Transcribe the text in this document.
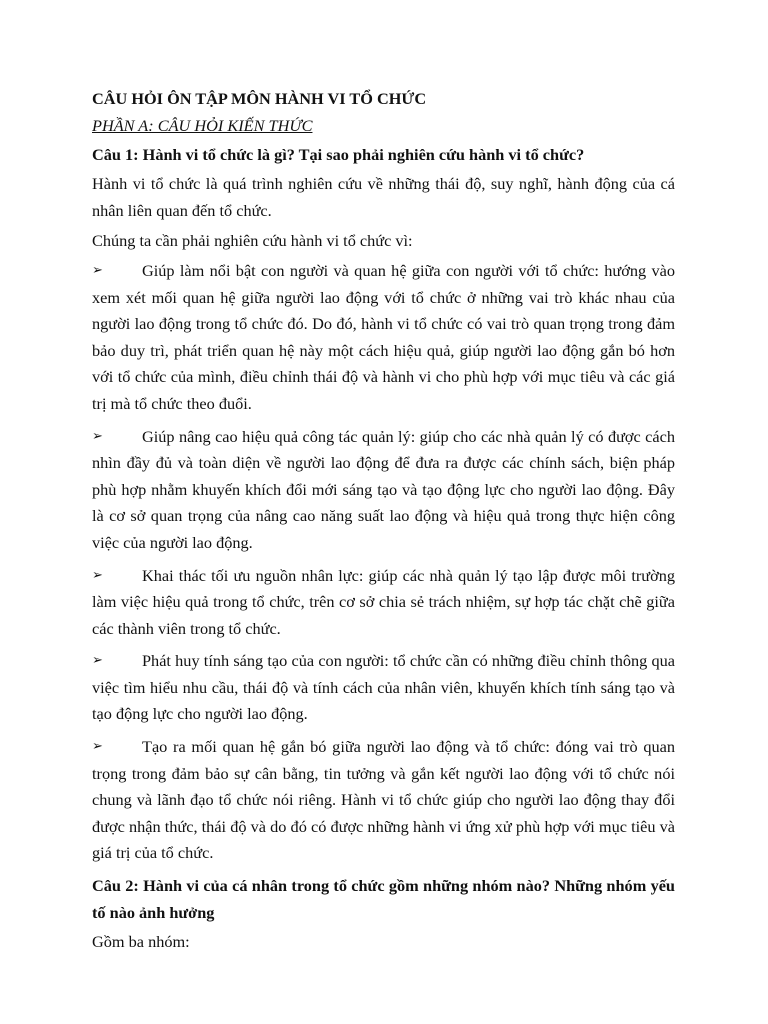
CÂU HỎI ÔN TẬP MÔN HÀNH VI TỔ CHỨC

PHẦN A: CÂU HỎI KIẾN THỨC

Câu 1: Hành vi tổ chức là gì? Tại sao phải nghiên cứu hành vi tổ chức?

Hành vi tổ chức là quá trình nghiên cứu về những thái độ, suy nghĩ, hành động của cá nhân liên quan đến tổ chức.

Chúng ta cần phải nghiên cứu hành vi tổ chức vì:

➢	Giúp làm nổi bật con người và quan hệ giữa con người với tổ chức: hướng vào xem xét mối quan hệ giữa người lao động với tổ chức ở những vai trò khác nhau của người lao động trong tổ chức đó. Do đó, hành vi tổ chức có vai trò quan trọng trong đảm bảo duy trì, phát triển quan hệ này một cách hiệu quả, giúp người lao động gắn bó hơn với tổ chức của mình, điều chỉnh thái độ và hành vi cho phù hợp với mục tiêu và các giá trị mà tổ chức theo đuổi.
➢	Giúp nâng cao hiệu quả công tác quản lý: giúp cho các nhà quản lý có được cách nhìn đầy đủ và toàn diện về người lao động để đưa ra được các chính sách, biện pháp phù hợp nhằm khuyến khích đổi mới sáng tạo và tạo động lực cho người lao động. Đây là cơ sở quan trọng của nâng cao năng suất lao động và hiệu quả trong thực hiện công việc của người lao động.
➢	Khai thác tối ưu nguồn nhân lực: giúp các nhà quản lý tạo lập được môi trường làm việc hiệu quả trong tổ chức, trên cơ sở chia sẻ trách nhiệm, sự hợp tác chặt chẽ giữa các thành viên trong tổ chức.
➢	Phát huy tính sáng tạo của con người: tổ chức cần có những điều chỉnh thông qua việc tìm hiểu nhu cầu, thái độ và tính cách của nhân viên, khuyến khích tính sáng tạo và tạo động lực cho người lao động.
➢	Tạo ra mối quan hệ gắn bó giữa người lao động và tổ chức: đóng vai trò quan trọng trong đảm bảo sự cân bằng, tin tưởng và gắn kết người lao động với tổ chức nói chung và lãnh đạo tổ chức nói riêng. Hành vi tổ chức giúp cho người lao động thay đổi được nhận thức, thái độ và do đó có được những hành vi ứng xử phù hợp với mục tiêu và giá trị của tổ chức.

Câu 2: Hành vi của cá nhân trong tổ chức gồm những nhóm nào? Những nhóm yếu tố nào ảnh hưởng

Gồm ba nhóm:
